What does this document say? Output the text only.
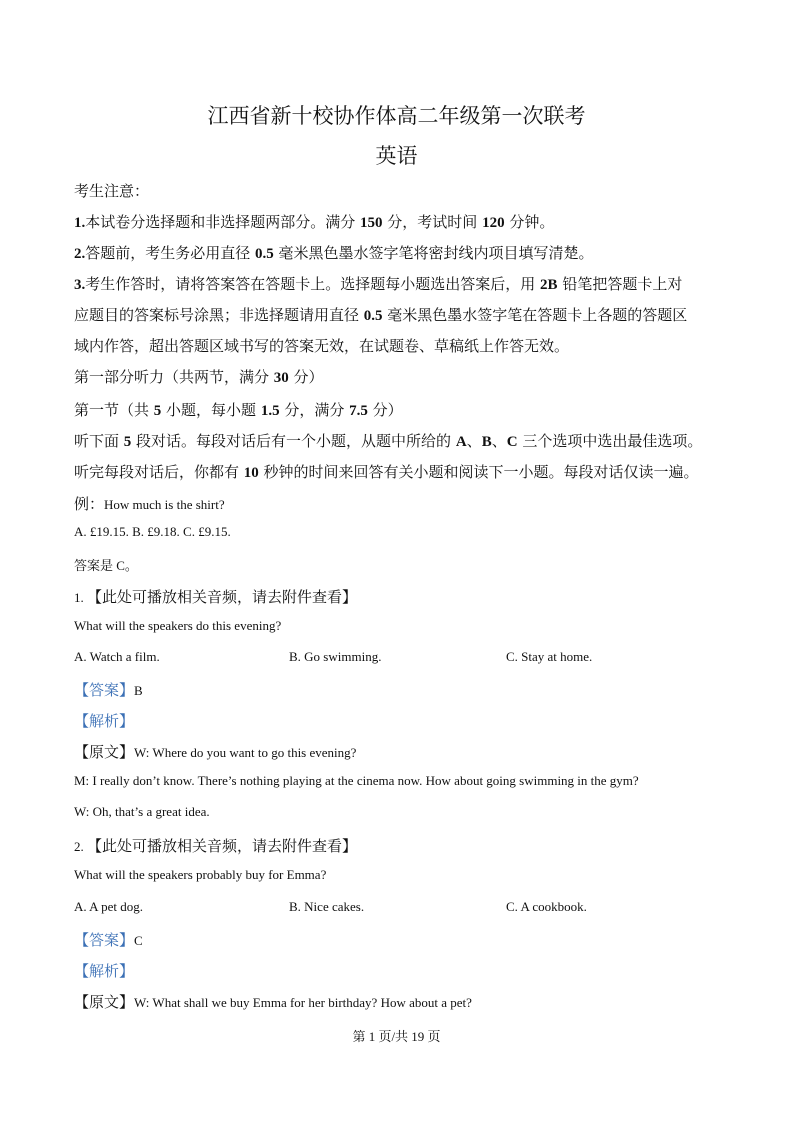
江西省新十校协作体高二年级第一次联考
英语
考生注意：
1.本试卷分选择题和非选择题两部分。满分 150 分，考试时间 120 分钟。
2.答题前，考生务必用直径 0.5 毫米黑色墨水签字笔将密封线内项目填写清楚。
3.考生作答时，请将答案答在答题卡上。选择题每小题选出答案后，用 2B 铅笔把答题卡上对
应题目的答案标号涂黑；非选择题请用直径 0.5 毫米黑色墨水签字笔在答题卡上各题的答题区
域内作答，超出答题区域书写的答案无效，在试题卷、草稿纸上作答无效。
第一部分听力（共两节，满分 30 分）
第一节（共 5 小题，每小题 1.5 分，满分 7.5 分）
听下面 5 段对话。每段对话后有一个小题，从题中所给的 A、B、C 三个选项中选出最佳选项。
听完每段对话后，你都有 10 秒钟的时间来回答有关小题和阅读下一小题。每段对话仅读一遍。
例：How much is the shirt?
A. £19.15. B. £9.18. C. £9.15.
答案是 C。
1. 【此处可播放相关音频，请去附件查看】
What will the speakers do this evening?
A. Watch a film.	B. Go swimming.	C. Stay at home.
【答案】B
【解析】
【原文】W: Where do you want to go this evening?
M: I really don’t know. There’s nothing playing at the cinema now. How about going swimming in the gym?
W: Oh, that’s a great idea.
2. 【此处可播放相关音频，请去附件查看】
What will the speakers probably buy for Emma?
A. A pet dog.	B. Nice cakes.	C. A cookbook.
【答案】C
【解析】
【原文】W: What shall we buy Emma for her birthday? How about a pet?
第 1 页/共 19 页
